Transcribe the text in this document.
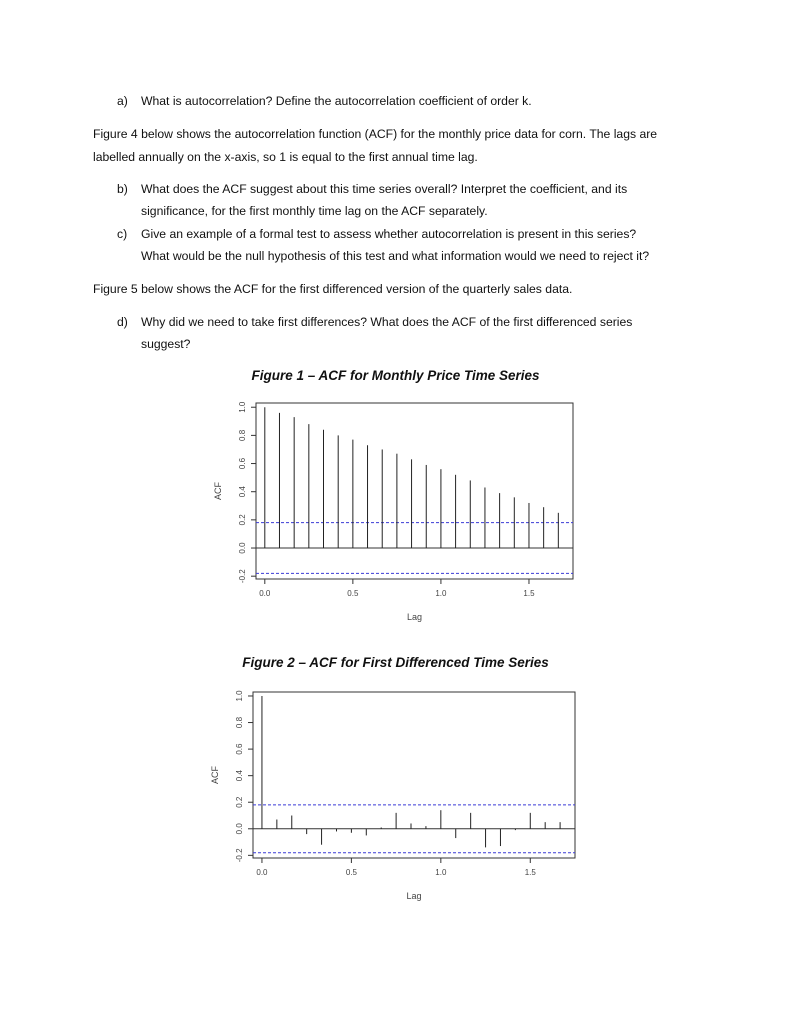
a) What is autocorrelation? Define the autocorrelation coefficient of order k.
Figure 4 below shows the autocorrelation function (ACF) for the monthly price data for corn. The lags are
labelled annually on the x-axis, so 1 is equal to the first annual time lag.
b) What does the ACF suggest about this time series overall? Interpret the coefficient, and its
significance, for the first monthly time lag on the ACF separately.
c) Give an example of a formal test to assess whether autocorrelation is present in this series?
What would be the null hypothesis of this test and what information would we need to reject it?
Figure 5 below shows the ACF for the first differenced version of the quarterly sales data.
d) Why did we need to take first differences? What does the ACF of the first differenced series
suggest?
Figure 1 – ACF for Monthly Price Time Series
0.0	0.5	1.0	1.5
-0.2
0.0
0.2
0.4
0.6
0.8
1.0
Lag
ACF
Figure 2 – ACF for First Differenced Time Series
0.0	0.5	1.0	1.5
-0.2
0.0
0.2
0.4
0.6
0.8
1.0
Lag
ACF
